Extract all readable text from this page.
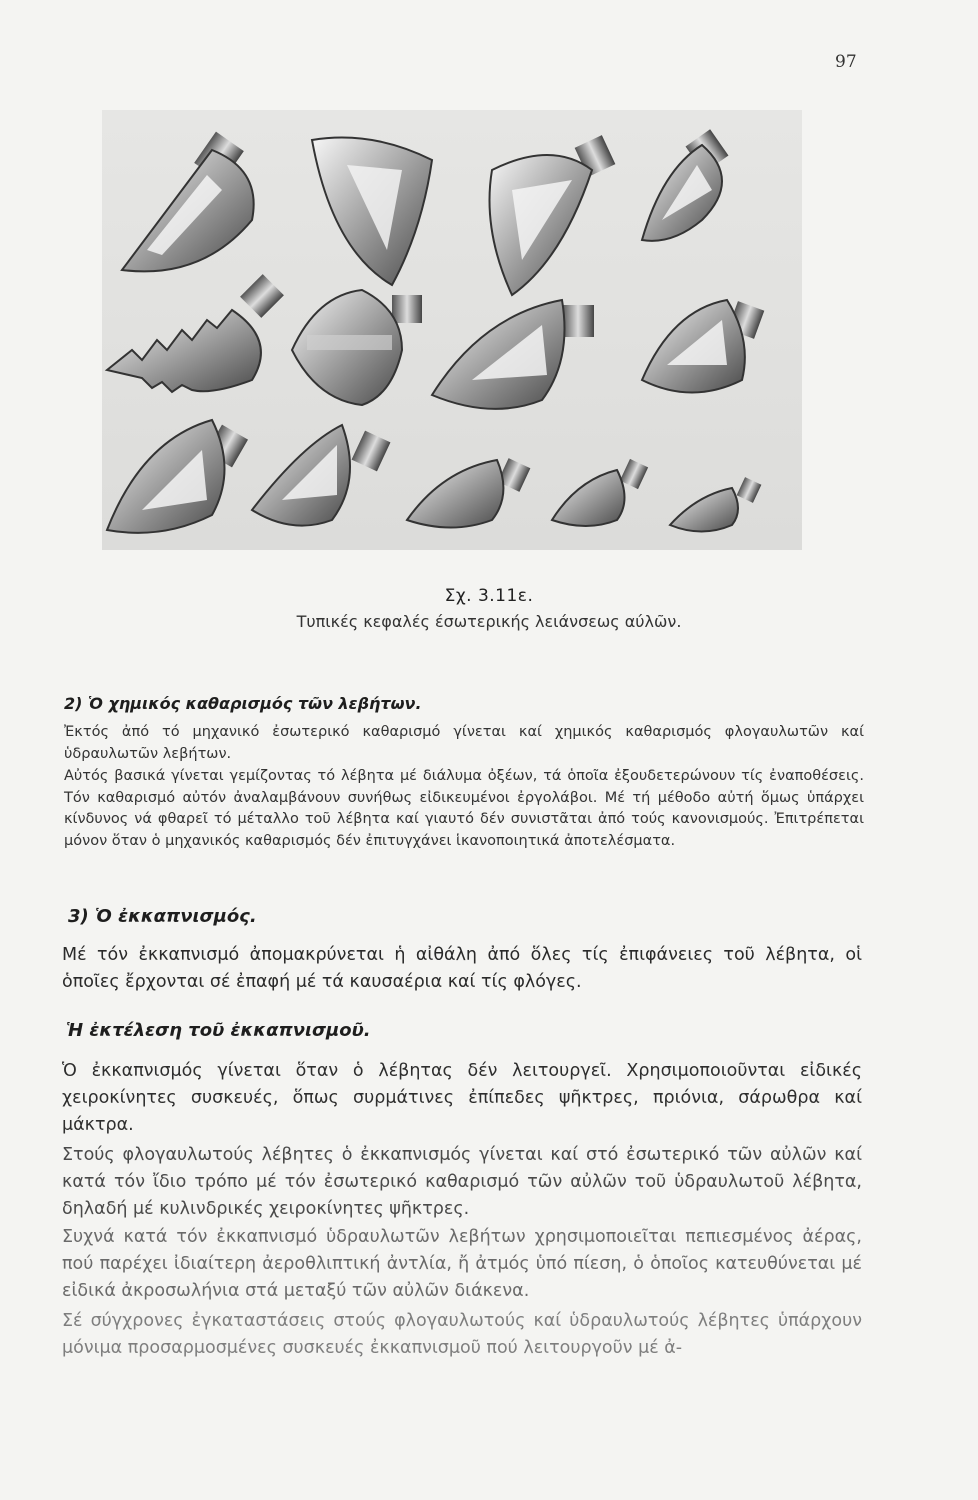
97
Σχ. 3.11ε.
Τυπικές κεφαλές έσωτερικής λειάνσεως αύλῶν.
2) Ὁ χημικός καθαρισμός τῶν λεβήτων.

Ἐκτός ἀπό τό μηχανικό ἐσωτερικό καθαρισμό γίνεται καί χημικός καθαρισμός φλογαυλωτῶν καί ὑδραυλωτῶν λεβήτων.

Αὐτός βασικά γίνεται γεμίζοντας τό λέβητα μέ διάλυμα ὀξέων, τά ὁποῖα ἐξουδετερώνουν τίς ἐναποθέσεις. Τόν καθαρισμό αὐτόν ἀναλαμβάνουν συνήθως εἰδικευμένοι ἐργολάβοι. Μέ τή μέθοδο αὐτή ὅμως ὑπάρχει κίνδυνος νά φθαρεῖ τό μέταλλο τοῦ λέβητα καί γιαυτό δέν συνιστᾶται ἀπό τούς κανονισμούς. Ἐπιτρέπεται μόνον ὅταν ὁ μηχανικός καθαρισμός δέν ἐπιτυγχάνει ἱκανοποιητικά ἀποτελέσματα.

3) Ὁ ἐκκαπνισμός.

Μέ τόν ἐκκαπνισμό ἀπομακρύνεται ἡ αἰθάλη ἀπό ὅλες τίς ἐπιφάνειες τοῦ λέβητα, οἱ ὁποῖες ἔρχονται σέ ἐπαφή μέ τά καυσαέρια καί τίς φλόγες.

Ἡ ἐκτέλεση τοῦ ἐκκαπνισμοῦ.

Ὁ ἐκκαπνισμός γίνεται ὅταν ὁ λέβητας δέν λειτουργεῖ. Χρησιμοποιοῦνται εἰδικές χειροκίνητες συσκευές, ὅπως συρμάτινες ἐπίπεδες ψῆκτρες, πριόνια, σάρωθρα καί μάκτρα.

Στούς φλογαυλωτούς λέβητες ὁ ἐκκαπνισμός γίνεται καί στό ἐσωτερικό τῶν αὐλῶν καί κατά τόν ἴδιο τρόπο μέ τόν ἐσωτερικό καθαρισμό τῶν αὐλῶν τοῦ ὑδραυλωτοῦ λέβητα, δηλαδή μέ κυλινδρικές χειροκίνητες ψῆκτρες.

Συχνά κατά τόν ἐκκαπνισμό ὑδραυλωτῶν λεβήτων χρησιμοποιεῖται πεπιεσμένος ἀέρας, πού παρέχει ἰδιαίτερη ἀεροθλιπτική ἀντλία, ἤ ἀτμός ὑπό πίεση, ὁ ὁποῖος κατευθύνεται μέ εἰδικά ἀκροσωλήνια στά μεταξύ τῶν αὐλῶν διάκενα.

Σέ σύγχρονες ἐγκαταστάσεις στούς φλογαυλωτούς καί ὑδραυλωτούς λέβητες ὑπάρχουν μόνιμα προσαρμοσμένες συσκευές ἐκκαπνισμοῦ πού λειτουργοῦν μέ ἀ-
